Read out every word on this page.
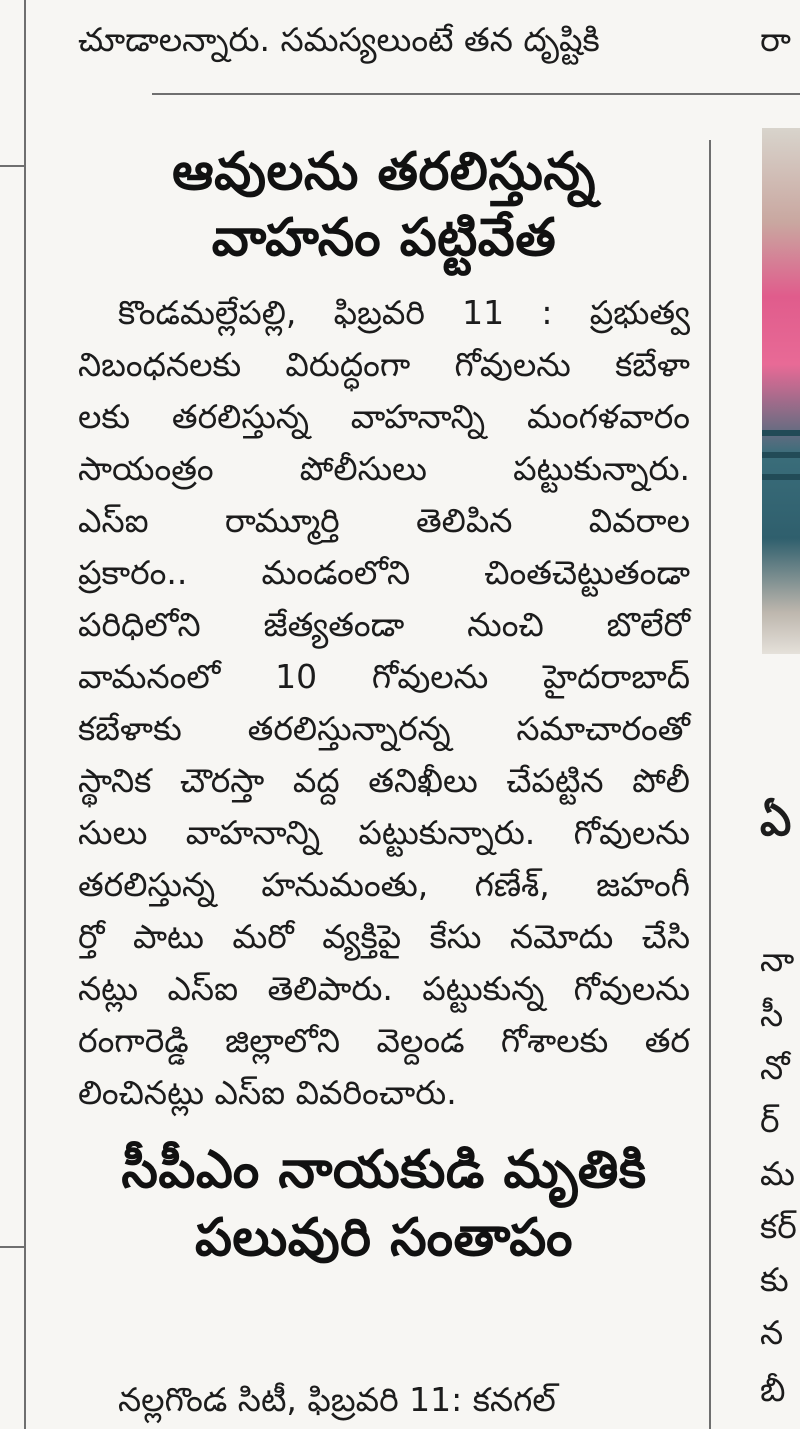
చూడాలన్నారు. సమస్యలుంటే తన దృష్టికి	రా
ఆవులను తరలిస్తున్న
వాహనం పట్టివేత
కొండమల్లేపల్లి, ఫిబ్రవరి 11 : ప్రభుత్వ
నిబంధనలకు విరుద్ధంగా గోవులను కబేళా
లకు తరలిస్తున్న వాహనాన్ని మంగళవారం
సాయంత్రం పోలీసులు పట్టుకున్నారు.
ఎస్ఐ రామ్మూర్తి తెలిపిన వివరాల
ప్రకారం.. మండంలోని చింతచెట్టుతండా
పరిధిలోని జేత్యతండా నుంచి బొలేరో
వామనంలో 10 గోవులను హైదరాబాద్
కబేళాకు తరలిస్తున్నారన్న సమాచారంతో
స్థానిక చౌరస్తా వద్ద తనిఖీలు చేపట్టిన పోలీ
సులు వాహనాన్ని పట్టుకున్నారు. గోవులను
తరలిస్తున్న హనుమంతు, గణేశ్, జహంగీ
ర్తో పాటు మరో వ్యక్తిపై కేసు నమోదు చేసి
నట్లు ఎస్ఐ తెలిపారు. పట్టుకున్న గోవులను
రంగారెడ్డి జిల్లాలోని వెల్దండ గోశాలకు తర
లించినట్లు ఎస్ఐ వివరించారు.
సీపీఎం నాయకుడి మృతికి
పలువురి సంతాపం
నల్లగొండ సిటీ, ఫిబ్రవరి 11: కనగల్
ఏ
నా
సీ
నో
ర్
మ
కర్
కు
న
బీ
